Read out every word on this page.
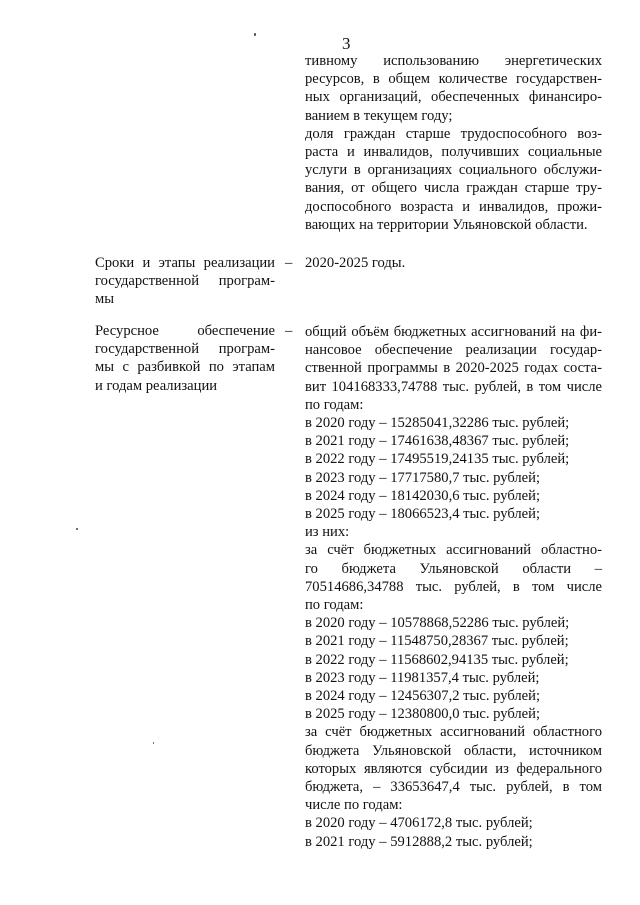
3
тивному использованию энергетических
ресурсов, в общем количестве государствен-
ных организаций, обеспеченных финансиро-
ванием в текущем году;
доля граждан старше трудоспособного воз-
раста и инвалидов, получивших социальные
услуги в организациях социального обслужи-
вания, от общего числа граждан старше тру-
доспособного возраста и инвалидов, прожи-
вающих на территории Ульяновской области.
Сроки и этапы реализации
государственной програм-
мы
– 2020-2025 годы.
Ресурсное обеспечение
государственной програм-
мы с разбивкой по этапам
и годам реализации
– общий объём бюджетных ассигнований на фи-
нансовое обеспечение реализации государ-
ственной программы в 2020-2025 годах соста-
вит 104168333,74788 тыс. рублей, в том числе
по годам:
в 2020 году – 15285041,32286 тыс. рублей;
в 2021 году – 17461638,48367 тыс. рублей;
в 2022 году – 17495519,24135 тыс. рублей;
в 2023 году – 17717580,7 тыс. рублей;
в 2024 году – 18142030,6 тыс. рублей;
в 2025 году – 18066523,4 тыс. рублей;
из них:
за счёт бюджетных ассигнований областно-
го бюджета Ульяновской области –
70514686,34788 тыс. рублей, в том числе
по годам:
в 2020 году – 10578868,52286 тыс. рублей;
в 2021 году – 11548750,28367 тыс. рублей;
в 2022 году – 11568602,94135 тыс. рублей;
в 2023 году – 11981357,4 тыс. рублей;
в 2024 году – 12456307,2 тыс. рублей;
в 2025 году – 12380800,0 тыс. рублей;
за счёт бюджетных ассигнований областного
бюджета Ульяновской области, источником
которых являются субсидии из федерального
бюджета, – 33653647,4 тыс. рублей, в том
числе по годам:
в 2020 году – 4706172,8 тыс. рублей;
в 2021 году – 5912888,2 тыс. рублей;
